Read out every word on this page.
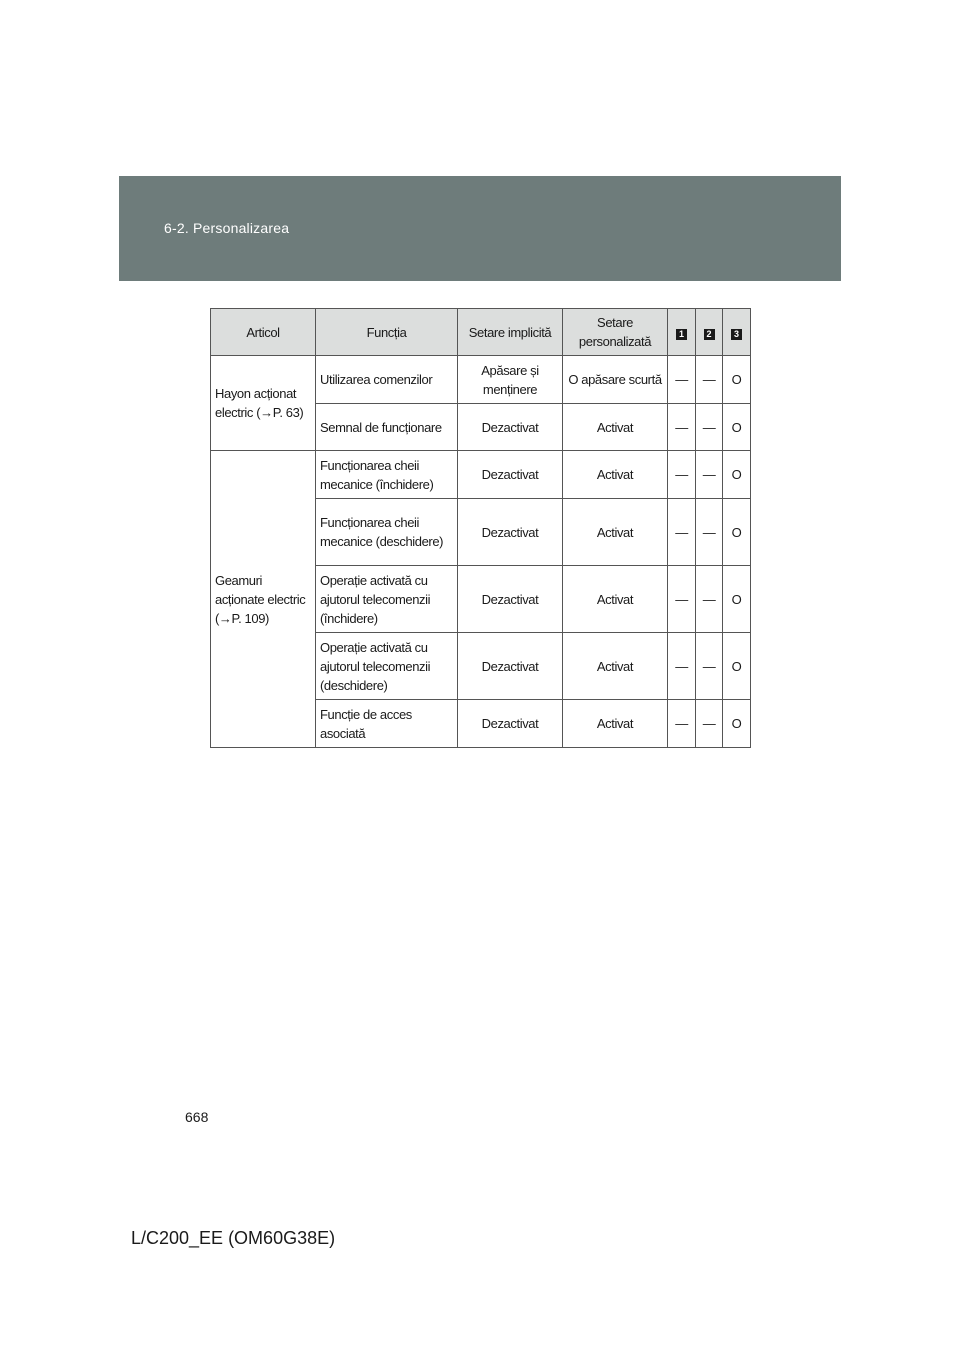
6-2. Personalizarea
Articol	Funcția	Setare implicită	Setare personalizată	1	2	3
Hayon acționat electric (→P. 63)	Utilizarea comenzilor	Apăsare și menținere	O apăsare scurtă	—	—	O
	Semnal de funcționare	Dezactivat	Activat	—	—	O
Geamuri acționate electric (→P. 109)	Funcționarea cheii mecanice (închidere)	Dezactivat	Activat	—	—	O
	Funcționarea cheii mecanice (deschidere)	Dezactivat	Activat	—	—	O
	Operație activată cu ajutorul telecomenzii (închidere)	Dezactivat	Activat	—	—	O
	Operație activată cu ajutorul telecomenzii (deschidere)	Dezactivat	Activat	—	—	O
	Funcție de acces asociată	Dezactivat	Activat	—	—	O
668
L/C200_EE (OM60G38E)
